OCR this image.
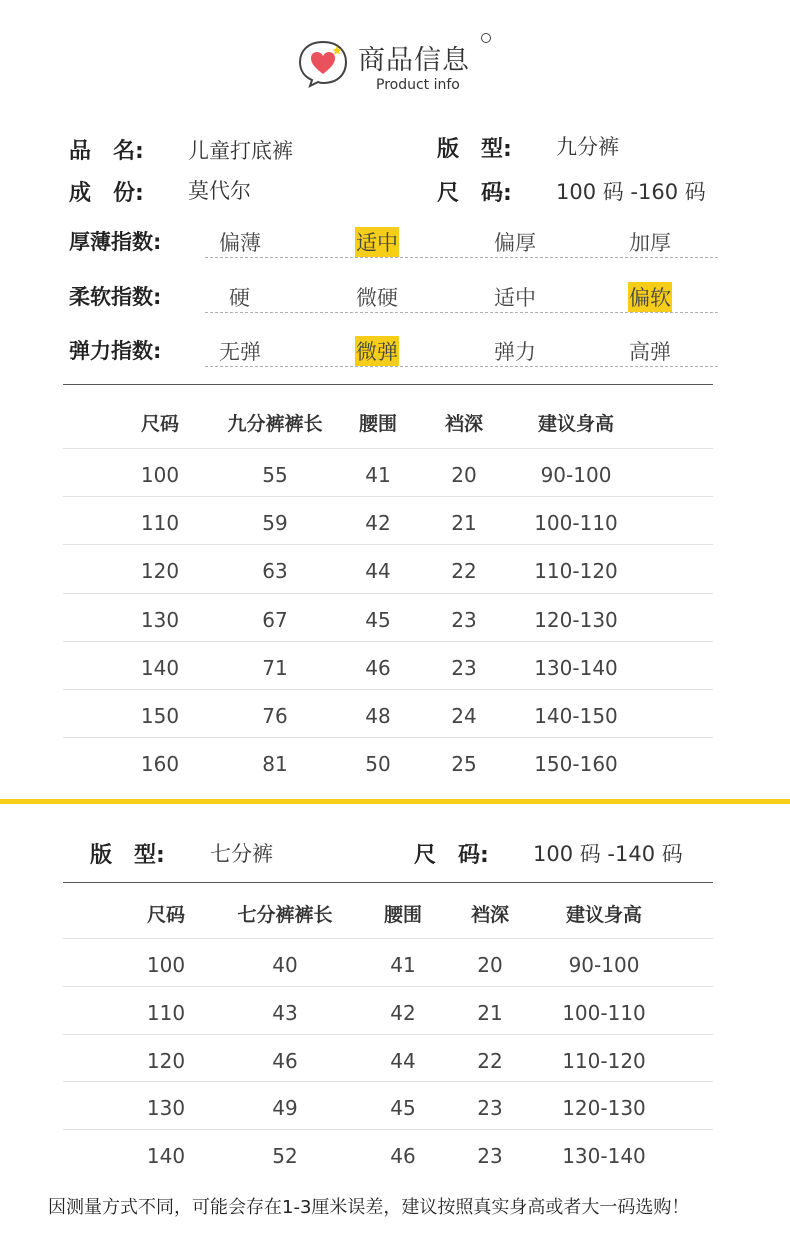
商品信息
Product info
品　名: 儿童打底裤	版　型: 九分裤
成　份: 莫代尔	尺　码: 100 码 -160 码
厚薄指数:	偏薄	适中	偏厚	加厚
柔软指数:	硬	微硬	适中	偏软
弹力指数:	无弹	微弹	弹力	高弹
尺码	九分裤裤长 腰围	裆深	建议身高
100	55	41	20	90-100
110	59	42	21	100-110
120	63	44	22	110-120
130	67	45	23	120-130
140	71	46	23	130-140
150	76	48	24	140-150
160	81	50	25	150-160
版　型: 七分裤	尺　码: 100 码 -140 码
尺码	七分裤裤长	腰围	裆深	建议身高
100	40	41	20	90-100
110	43	42	21	100-110
120	46	44	22	110-120
130	49	45	23	120-130
140	52	46	23	130-140
因测量方式不同，可能会存在1-3厘米误差，建议按照真实身高或者大一码选购！
